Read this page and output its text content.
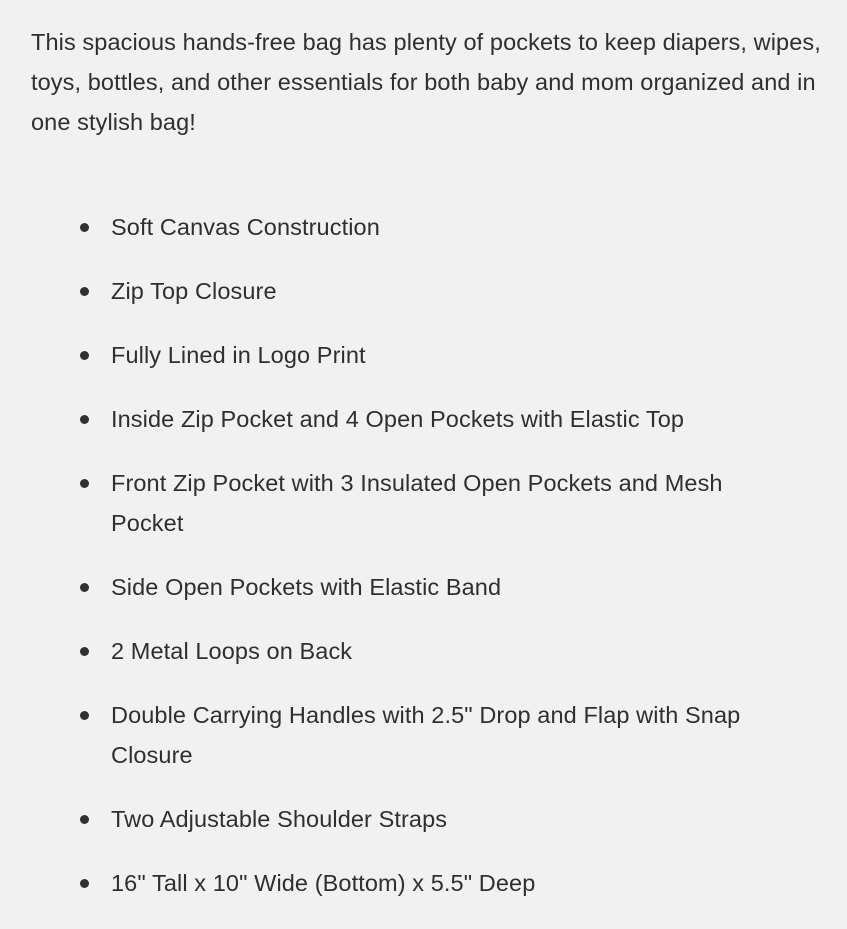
This spacious hands-free bag has plenty of pockets to keep diapers, wipes, toys, bottles, and other essentials for both baby and mom organized and in one stylish bag!

Soft Canvas Construction
Zip Top Closure
Fully Lined in Logo Print
Inside Zip Pocket and 4 Open Pockets with Elastic Top
Front Zip Pocket with 3 Insulated Open Pockets and Mesh Pocket
Side Open Pockets with Elastic Band
2 Metal Loops on Back
Double Carrying Handles with 2.5" Drop and Flap with Snap Closure
Two Adjustable Shoulder Straps
16" Tall x 10" Wide (Bottom) x 5.5" Deep
